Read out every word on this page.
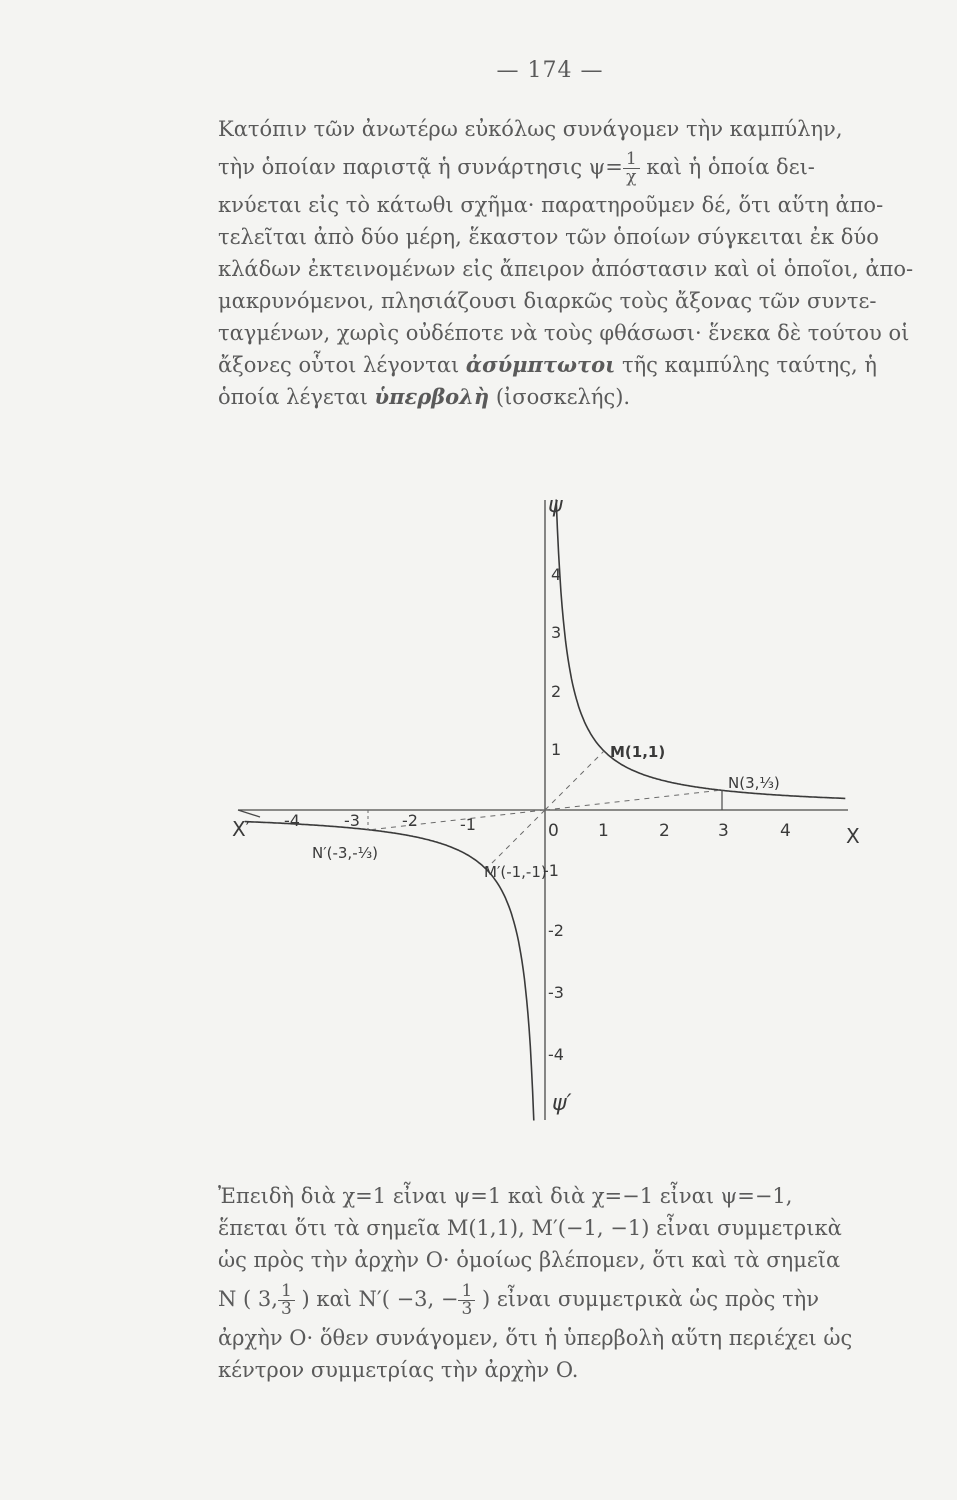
— 174 —
Κατόπιν τῶν ἀνωτέρω εὐκόλως συνάγομεν τὴν καμπύλην,
τὴν ὁποίαν παριστᾷ ἡ συνάρτησις $\psi= \frac{1}{\chi}$ καὶ ἡ ὁποία δει-
κνύεται εἰς τὸ κάτωθι σχῆμα· παρατηροῦμεν δέ, ὅτι αὕτη ἀπο-
τελεῖται ἀπὸ δύο μέρη, ἕκαστον τῶν ὁποίων σύγκειται ἐκ δύο
κλάδων ἐκτεινομένων εἰς ἄπειρον ἀπόστασιν καὶ οἱ ὁποῖοι, ἀπο-
μακρυνόμενοι, πλησιάζουσι διαρκῶς τοὺς ἄξονας τῶν συντε-
ταγμένων, χωρὶς οὐδέποτε νὰ τοὺς φθάσωσι· ἕνεκα δὲ τούτου οἱ
ἄξονες οὗτοι λέγονται ἀσύμπτωτοι τῆς καμπύλης ταύτης, ἡ
ὁποία λέγεται ὑπερβολὴ (ἰσοσκελής).
ψ
ψ′
X
X′	0 1	2	3	4
-4	-3	-2	-1
1
2
3
4
-1
-2
-3
-4
M(1,1)
N(3,⅓)
M′(-1,-1)
N′(-3,-⅓)
Ἐπειδὴ διὰ χ=1 εἶναι ψ=1 καὶ διὰ χ=−1 εἶναι ψ=−1,
ἕπεται ὅτι τὰ σημεῖα M(1,1), M′(−1, −1) εἶναι συμμετρικὰ
ὡς πρὸς τὴν ἀρχὴν O· ὁμοίως βλέπομεν, ὅτι καὶ τὰ σημεῖα
N ( 3, $\frac{1}{3}$ ) καὶ N′( −3, − $\frac{1}{3}$ ) εἶναι συμμετρικὰ ὡς πρὸς τὴν
ἀρχὴν O· ὅθεν συνάγομεν, ὅτι ἡ ὑπερβολὴ αὕτη περιέχει ὡς
κέντρον συμμετρίας τὴν ἀρχὴν O.
